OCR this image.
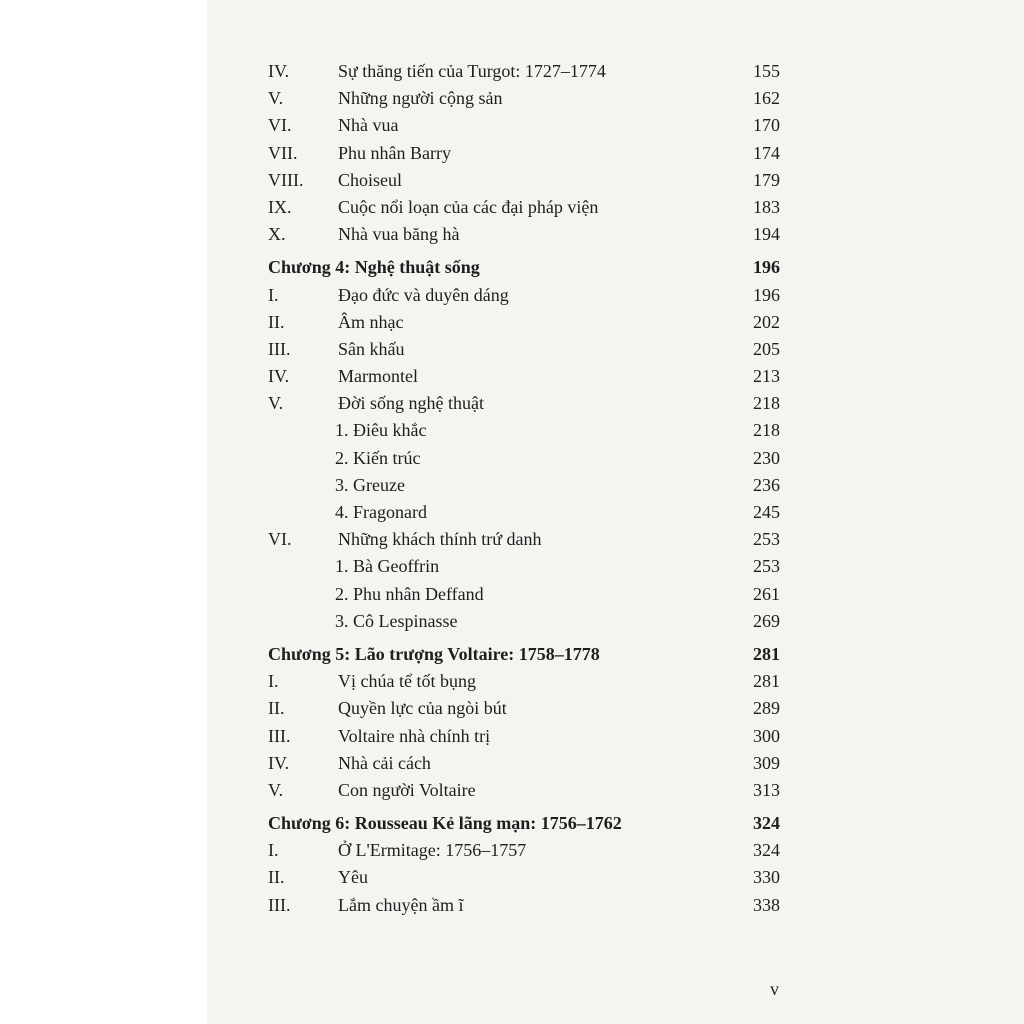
IV.	Sự thăng tiến của Turgot: 1727–1774	155
V.	Những người cộng sản	162
VI.	Nhà vua	170
VII. Phu nhân Barry	174
VIII. Choiseul	179
IX.	Cuộc nổi loạn của các đại pháp viện	183
X.	Nhà vua băng hà	194
Chương 4: Nghệ thuật sống	196
I.	Đạo đức và duyên dáng	196
II.	Âm nhạc	202
III.	Sân khấu	205
IV.	Marmontel	213
V.	Đời sống nghệ thuật	218
1. Điêu khắc	218
2. Kiến trúc	230
3. Greuze	236
4. Fragonard	245
VI.	Những khách thính trứ danh	253
1. Bà Geoffrin	253
2. Phu nhân Deffand	261
3. Cô Lespinasse	269
Chương 5: Lão trượng Voltaire: 1758–1778	281
I.	Vị chúa tể tốt bụng	281
II.	Quyền lực của ngòi bút	289
III.	Voltaire nhà chính trị	300
IV.	Nhà cải cách	309
V.	Con người Voltaire	313
Chương 6: Rousseau Kẻ lãng mạn: 1756–1762	324
I.	Ở L'Ermitage: 1756–1757	324
II.	Yêu	330
III.	Lắm chuyện ầm ĩ	338
v
